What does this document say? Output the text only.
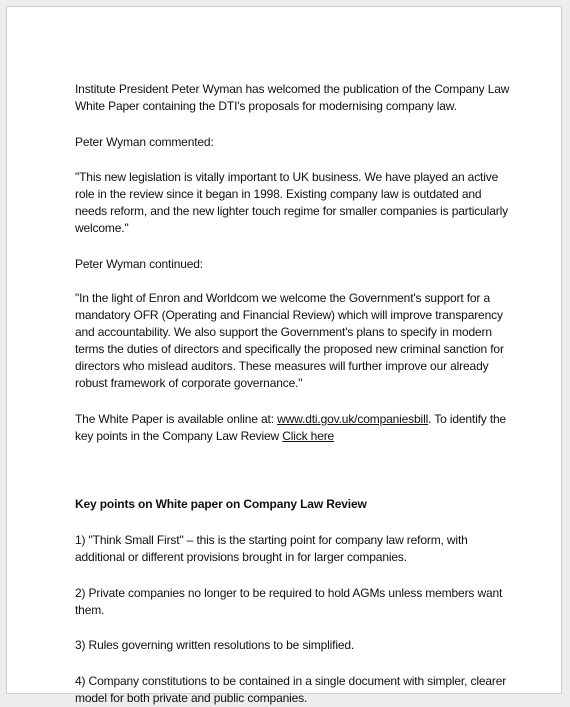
Institute President Peter Wyman has welcomed the publication of the Company Law White Paper containing the DTI's proposals for modernising company law.

Peter Wyman commented:

"This new legislation is vitally important to UK business. We have played an active role in the review since it began in 1998. Existing company law is outdated and needs reform, and the new lighter touch regime for smaller companies is particularly welcome."

Peter Wyman continued:

"In the light of Enron and Worldcom we welcome the Government's support for a mandatory OFR (Operating and Financial Review) which will improve transparency and accountability. We also support the Government's plans to specify in modern terms the duties of directors and specifically the proposed new criminal sanction for directors who mislead auditors. These measures will further improve our already robust framework of corporate governance."

The White Paper is available online at: www.dti.gov.uk/companiesbill. To identify the key points in the Company Law Review Click here

Key points on White paper on Company Law Review

1) "Think Small First" – this is the starting point for company law reform, with additional or different provisions brought in for larger companies.

2) Private companies no longer to be required to hold AGMs unless members want them.

3) Rules governing written resolutions to be simplified.

4) Company constitutions to be contained in a single document with simpler, clearer model for both private and public companies.
